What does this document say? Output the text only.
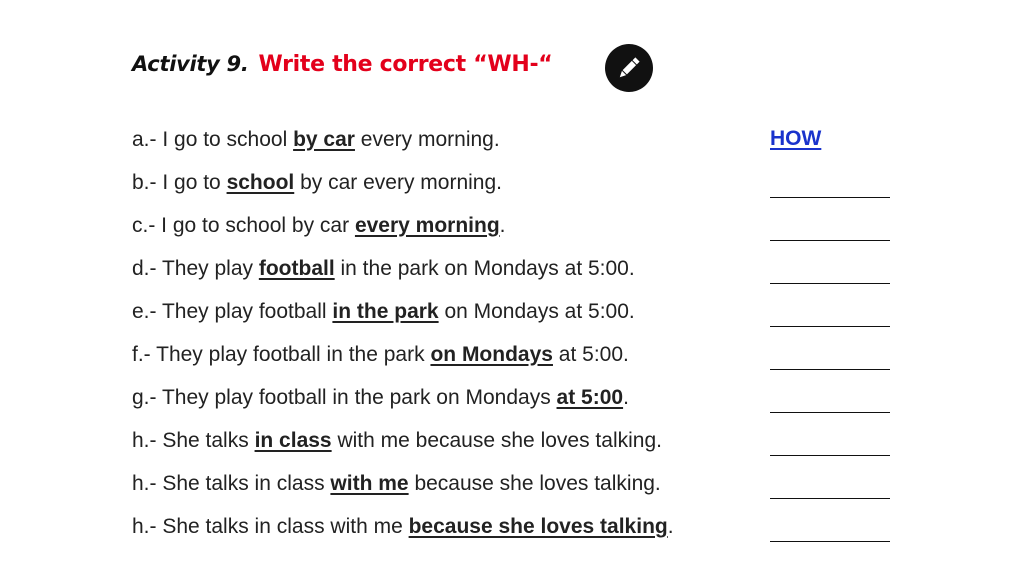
Activity 9. Write the correct “WH-“
a.- I go to school by car every morning.	HOW
b.- I go to school by car every morning.
c.- I go to school by car every morning.
d.- They play football in the park on Mondays at 5:00.
e.- They play football in the park on Mondays at 5:00.
f.- They play football in the park on Mondays at 5:00.
g.- They play football in the park on Mondays at 5:00.
h.- She talks in class with me because she loves talking.
h.- She talks in class with me because she loves talking.
h.- She talks in class with me because she loves talking.
